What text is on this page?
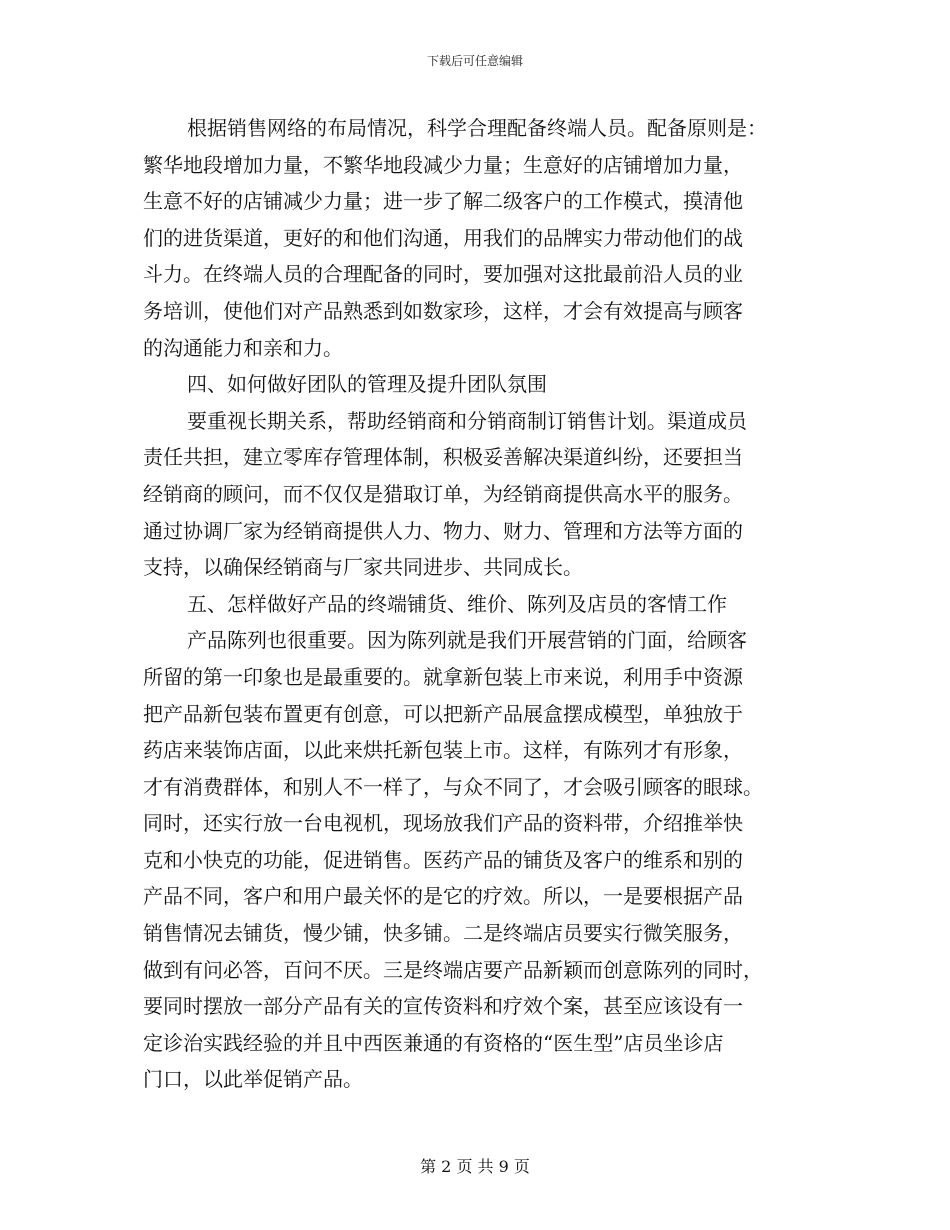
下载后可任意编辑
根据销售网络的布局情况，科学合理配备终端人员。配备原则是：
繁华地段增加力量，不繁华地段减少力量；生意好的店铺增加力量，
生意不好的店铺减少力量；进一步了解二级客户的工作模式，摸清他
们的进货渠道，更好的和他们沟通，用我们的品牌实力带动他们的战
斗力。在终端人员的合理配备的同时，要加强对这批最前沿人员的业
务培训，使他们对产品熟悉到如数家珍，这样，才会有效提高与顾客
的沟通能力和亲和力。
四、如何做好团队的管理及提升团队氛围
要重视长期关系，帮助经销商和分销商制订销售计划。渠道成员
责任共担，建立零库存管理体制，积极妥善解决渠道纠纷，还要担当
经销商的顾问，而不仅仅是猎取订单，为经销商提供高水平的服务。
通过协调厂家为经销商提供人力、物力、财力、管理和方法等方面的
支持，以确保经销商与厂家共同进步、共同成长。
五、怎样做好产品的终端铺货、维价、陈列及店员的客情工作
产品陈列也很重要。因为陈列就是我们开展营销的门面，给顾客
所留的第一印象也是最重要的。就拿新包装上市来说，利用手中资源
把产品新包装布置更有创意，可以把新产品展盒摆成模型，单独放于
药店来装饰店面，以此来烘托新包装上市。这样，有陈列才有形象，
才有消费群体，和别人不一样了，与众不同了，才会吸引顾客的眼球。
同时，还实行放一台电视机，现场放我们产品的资料带，介绍推举快
克和小快克的功能，促进销售。医药产品的铺货及客户的维系和别的
产品不同，客户和用户最关怀的是它的疗效。所以，一是要根据产品
销售情况去铺货，慢少铺，快多铺。二是终端店员要实行微笑服务，
做到有问必答，百问不厌。三是终端店要产品新颖而创意陈列的同时，
要同时摆放一部分产品有关的宣传资料和疗效个案，甚至应该设有一
定诊治实践经验的并且中西医兼通的有资格的“医生型”店员坐诊店
门口，以此举促销产品。
第 2 页 共 9 页
